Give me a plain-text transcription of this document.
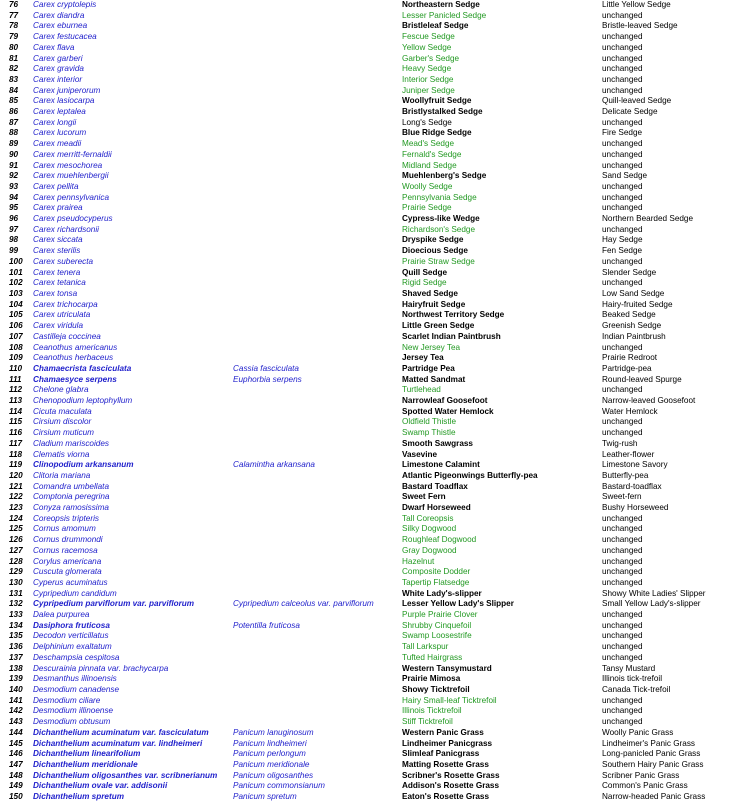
76	Carex cryptolepis		Northeastern Sedge	Little Yellow Sedge
77	Carex diandra		Lesser Panicled Sedge	unchanged
78	Carex eburnea		Bristleleaf Sedge	Bristle-leaved Sedge
79	Carex festucacea		Fescue Sedge	unchanged
80	Carex flava		Yellow Sedge	unchanged
81	Carex garberi		Garber's Sedge	unchanged
82	Carex gravida		Heavy Sedge	unchanged
83	Carex interior		Interior Sedge	unchanged
84	Carex juniperorum		Juniper Sedge	unchanged
85	Carex lasiocarpa		Woollyfruit Sedge	Quill-leaved Sedge
86	Carex leptalea		Bristlystalked Sedge	Delicate Sedge
87	Carex longii		Long's Sedge	unchanged
88	Carex lucorum		Blue Ridge Sedge	Fire Sedge
89	Carex meadii		Mead's Sedge	unchanged
90	Carex merritt-fernaldii		Fernald's Sedge	unchanged
91	Carex mesochorea		Midland Sedge	unchanged
92	Carex muehlenbergii		Muehlenberg's Sedge	Sand Sedge
93	Carex pellita		Woolly Sedge	unchanged
94	Carex pennsylvanica		Pennsylvania Sedge	unchanged
95	Carex prairea		Prairie Sedge	unchanged
96	Carex pseudocyperus		Cypress-like Wedge	Northern Bearded Sedge
97	Carex richardsonii		Richardson's Sedge	unchanged
98	Carex siccata		Dryspike Sedge	Hay Sedge
99	Carex sterilis		Dioecious Sedge	Fen Sedge
100	Carex suberecta		Prairie Straw Sedge	unchanged
101	Carex tenera		Quill Sedge	Slender Sedge
102	Carex tetanica		Rigid Sedge	unchanged
103	Carex tonsa		Shaved Sedge	Low Sand Sedge
104	Carex trichocarpa		Hairyfruit Sedge	Hairy-fruited Sedge
105	Carex utriculata		Northwest Territory Sedge	Beaked Sedge
106	Carex viridula		Little Green Sedge	Greenish Sedge
107	Castilleja coccinea		Scarlet Indian Paintbrush	Indian Paintbrush
108	Ceanothus americanus		New Jersey Tea	unchanged
109	Ceanothus herbaceus		Jersey Tea	Prairie Redroot
110	Chamaecrista fasciculata	Cassia fasciculata	Partridge Pea	Partridge-pea
111	Chamaesyce serpens	Euphorbia serpens	Matted Sandmat	Round-leaved Spurge
112	Chelone glabra		Turtlehead	unchanged
113	Chenopodium leptophyllum		Narrowleaf Goosefoot	Narrow-leaved Goosefoot
114	Cicuta maculata		Spotted Water Hemlock	Water Hemlock
115	Cirsium discolor		Oldfield Thistle	unchanged
116	Cirsium muticum		Swamp Thistle	unchanged
117	Cladium mariscoides		Smooth Sawgrass	Twig-rush
118	Clematis viorna		Vasevine	Leather-flower
119	Clinopodium arkansanum	Calamintha arkansana	Limestone Calamint	Limestone Savory
120	Clitoria mariana		Atlantic Pigeonwings Butterfly-pea	Butterfly-pea
121	Comandra umbellata		Bastard Toadflax	Bastard-toadflax
122	Comptonia peregrina		Sweet Fern	Sweet-fern
123	Conyza ramosissima		Dwarf Horseweed	Bushy Horseweed
124	Coreopsis tripteris		Tall Coreopsis	unchanged
125	Cornus amomum		Silky Dogwood	unchanged
126	Cornus drummondi		Roughleaf Dogwood	unchanged
127	Cornus racemosa		Gray Dogwood	unchanged
128	Corylus americana		Hazelnut	unchanged
129	Cuscuta glomerata		Composite Dodder	unchanged
130	Cyperus acuminatus		Tapertip Flatsedge	unchanged
131	Cypripedium candidum		White Lady's-slipper	Showy White Ladies' Slipper
132	Cypripedium parviflorum var. parviflorum	Cypripedium calceolus var. parviflorum	Lesser Yellow Lady's Slipper	Small Yellow Lady's-slipper
133	Dalea purpurea		Purple Prairie Clover	unchanged
134	Dasiphora fruticosa	Potentilla fruticosa	Shrubby Cinquefoil	unchanged
135	Decodon verticillatus		Swamp Loosestrife	unchanged
136	Delphinium exaltatum		Tall Larkspur	unchanged
137	Deschampsia cespitosa		Tufted Hairgrass	unchanged
138	Descurainia pinnata var. brachycarpa		Western Tansymustard	Tansy Mustard
139	Desmanthus illinoensis		Prairie Mimosa	Illinois tick-trefoil
140	Desmodium canadense		Showy Ticktrefoil	Canada Tick-trefoil
141	Desmodium ciliare		Hairy Small-leaf Ticktrefoil	unchanged
142	Desmodium illinoense		Illinois Ticktrefoil	unchanged
143	Desmodium obtusum		Stiff Ticktrefoil	unchanged
144	Dichanthelium acuminatum var. fasciculatum	Panicum lanuginosum	Western Panic Grass	Woolly Panic Grass
145	Dichanthelium acuminatum var. lindheimeri	Panicum lindheimeri	Lindheimer Panicgrass	Lindheimer's Panic Grass
146	Dichanthelium linearifolium	Panicum perlongum	Slimleaf Panicgrass	Long-panicled Panic Grass
147	Dichanthelium meridionale	Panicum meridionale	Matting Rosette Grass	Southern Hairy Panic Grass
148	Dichanthelium oligosanthes var. scribnerianum	Panicum oligosanthes	Scribner's Rosette Grass	Scribner Panic Grass
149	Dichanthelium ovale var. addisonii	Panicum commonsianum	Addison's Rosette Grass	Common's Panic Grass
150	Dichanthelium spretum	Panicum spretum	Eaton's Rosette Grass	Narrow-headed Panic Grass
